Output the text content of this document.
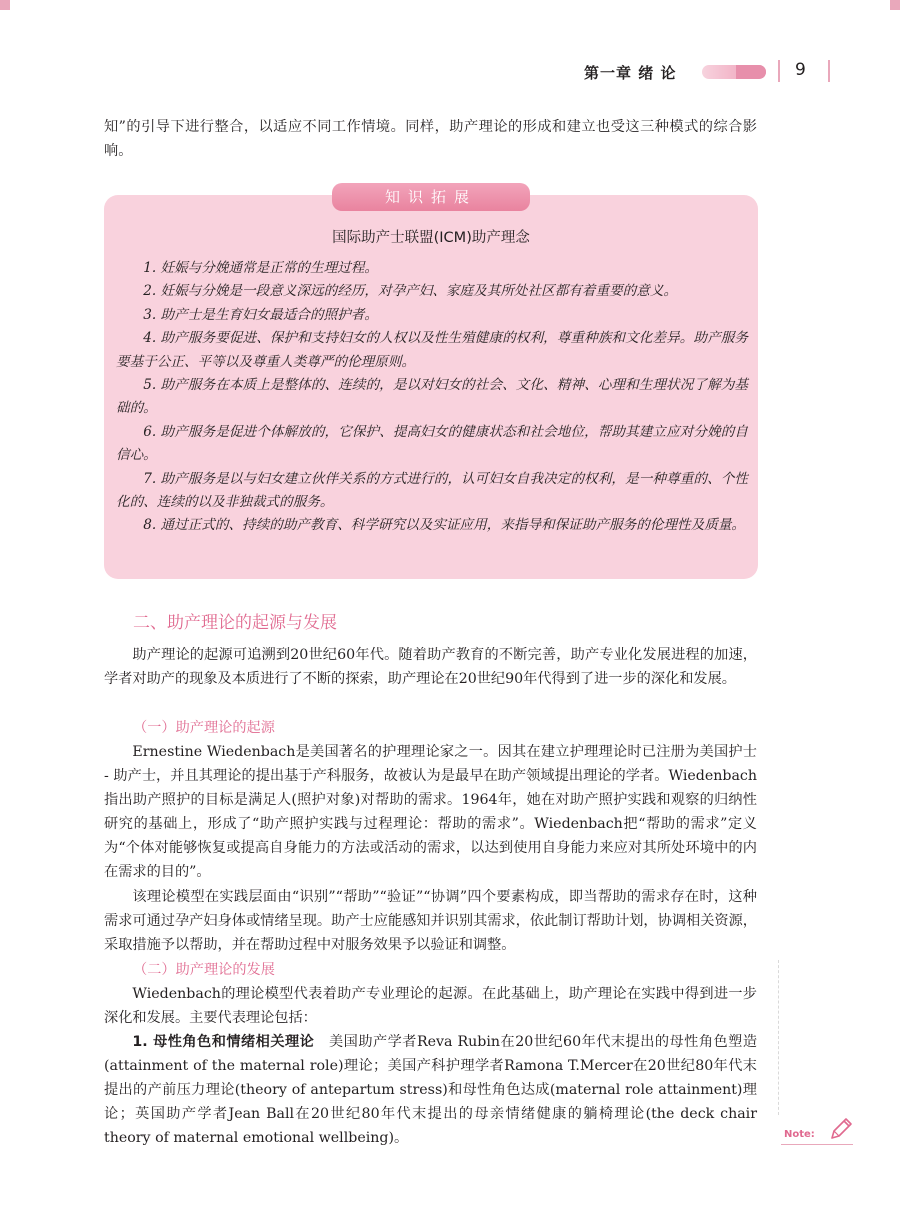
第一章 绪 论	9

知”的引导下进行整合，以适应不同工作情境。同样，助产理论的形成和建立也受这三种模式的综合影响。

知识拓展
国际助产士联盟(ICM)助产理念

1. 妊娠与分娩通常是正常的生理过程。

2. 妊娠与分娩是一段意义深远的经历，对孕产妇、家庭及其所处社区都有着重要的意义。

3. 助产士是生育妇女最适合的照护者。

4. 助产服务要促进、保护和支持妇女的人权以及性生殖健康的权利，尊重种族和文化差异。助产服务要基于公正、平等以及尊重人类尊严的伦理原则。

5. 助产服务在本质上是整体的、连续的，是以对妇女的社会、文化、精神、心理和生理状况了解为基础的。

6. 助产服务是促进个体解放的，它保护、提高妇女的健康状态和社会地位，帮助其建立应对分娩的自信心。

7. 助产服务是以与妇女建立伙伴关系的方式进行的，认可妇女自我决定的权利，是一种尊重的、个性化的、连续的以及非独裁式的服务。

8. 通过正式的、持续的助产教育、科学研究以及实证应用，来指导和保证助产服务的伦理性及质量。

二、助产理论的起源与发展

助产理论的起源可追溯到20世纪60年代。随着助产教育的不断完善，助产专业化发展进程的加速，学者对助产的现象及本质进行了不断的探索，助产理论在20世纪90年代得到了进一步的深化和发展。

（一）助产理论的起源

Ernestine Wiedenbach是美国著名的护理理论家之一。因其在建立护理理论时已注册为美国护士 - 助产士，并且其理论的提出基于产科服务，故被认为是最早在助产领域提出理论的学者。Wiedenbach指出助产照护的目标是满足人(照护对象)对帮助的需求。1964年，她在对助产照护实践和观察的归纳性研究的基础上，形成了“助产照护实践与过程理论：帮助的需求”。Wiedenbach把“帮助的需求”定义为“个体对能够恢复或提高自身能力的方法或活动的需求，以达到使用自身能力来应对其所处环境中的内在需求的目的”。

该理论模型在实践层面由“识别”“帮助”“验证”“协调”四个要素构成，即当帮助的需求存在时，这种需求可通过孕产妇身体或情绪呈现。助产士应能感知并识别其需求，依此制订帮助计划，协调相关资源，采取措施予以帮助，并在帮助过程中对服务效果予以验证和调整。

（二）助产理论的发展

Wiedenbach的理论模型代表着助产专业理论的起源。在此基础上，助产理论在实践中得到进一步深化和发展。主要代表理论包括：

1. 母性角色和情绪相关理论　 美国助产学者Reva Rubin在20世纪60年代末提出的母性角色塑造(attainment of the maternal role)理论；美国产科护理学者Ramona T.Mercer在20世纪80年代末提出的产前压力理论(theory of antepartum stress)和母性角色达成(maternal role attainment)理论；英国助产学者Jean Ball在20世纪80年代末提出的母亲情绪健康的躺椅理论(the deck chair theory of maternal emotional wellbeing)。	Note:
